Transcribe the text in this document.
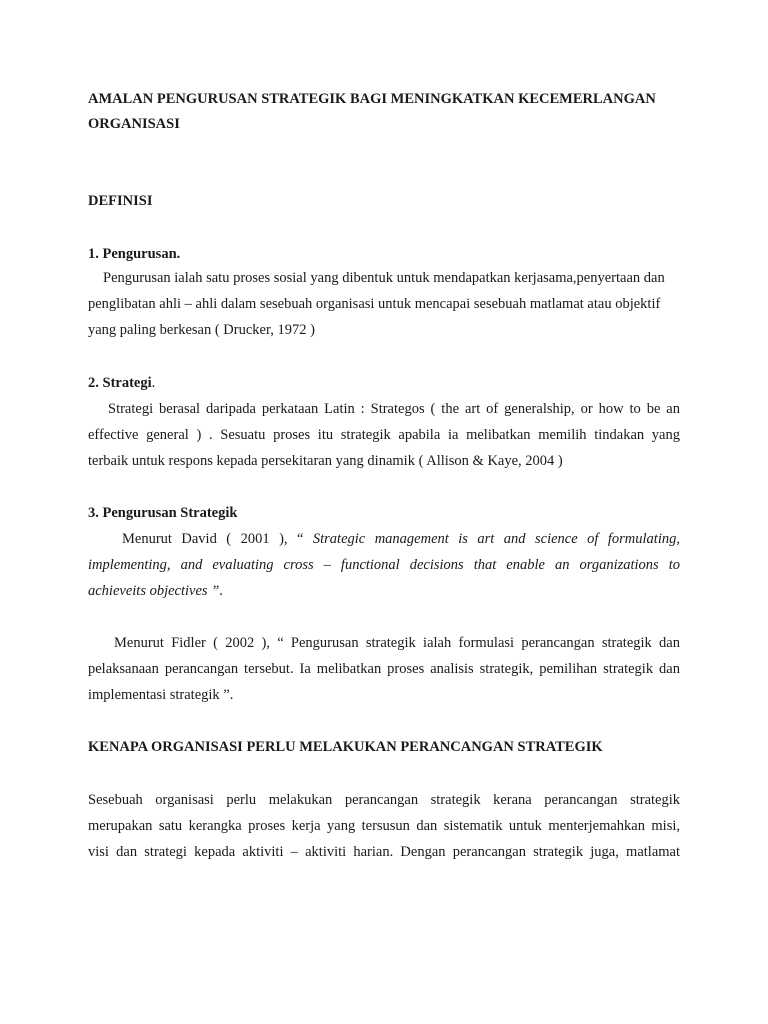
AMALAN PENGURUSAN STRATEGIK BAGI MENINGKATKAN KECEMERLANGAN
ORGANISASI
DEFINISI
1. Pengurusan.
Pengurusan ialah satu proses sosial yang dibentuk untuk mendapatkan kerjasama,penyertaan dan
penglibatan ahli – ahli dalam sesebuah organisasi untuk mencapai sesebuah matlamat atau objektif
yang paling berkesan ( Drucker, 1972 )
2. Strategi.
Strategi berasal daripada perkataan Latin : Strategos ( the art of generalship, or how to be an
effective general ) . Sesuatu proses itu strategik apabila ia melibatkan memilih tindakan yang
terbaik untuk respons kepada persekitaran yang dinamik ( Allison & Kaye, 2004 )
3. Pengurusan Strategik
Menurut David ( 2001 ), “ Strategic management is art and science of formulating,
implementing, and evaluating cross – functional decisions that enable an organizations to
achieveits objectives ”.
Menurut Fidler ( 2002 ), “ Pengurusan strategik ialah formulasi perancangan strategik dan
pelaksanaan perancangan tersebut. Ia melibatkan proses analisis strategik, pemilihan strategik dan
implementasi strategik ”.
KENAPA ORGANISASI PERLU MELAKUKAN PERANCANGAN STRATEGIK
Sesebuah organisasi perlu melakukan perancangan strategik kerana perancangan strategik
merupakan satu kerangka proses kerja yang tersusun dan sistematik untuk menterjemahkan misi,
visi dan strategi kepada aktiviti – aktiviti harian. Dengan perancangan strategik juga, matlamat
